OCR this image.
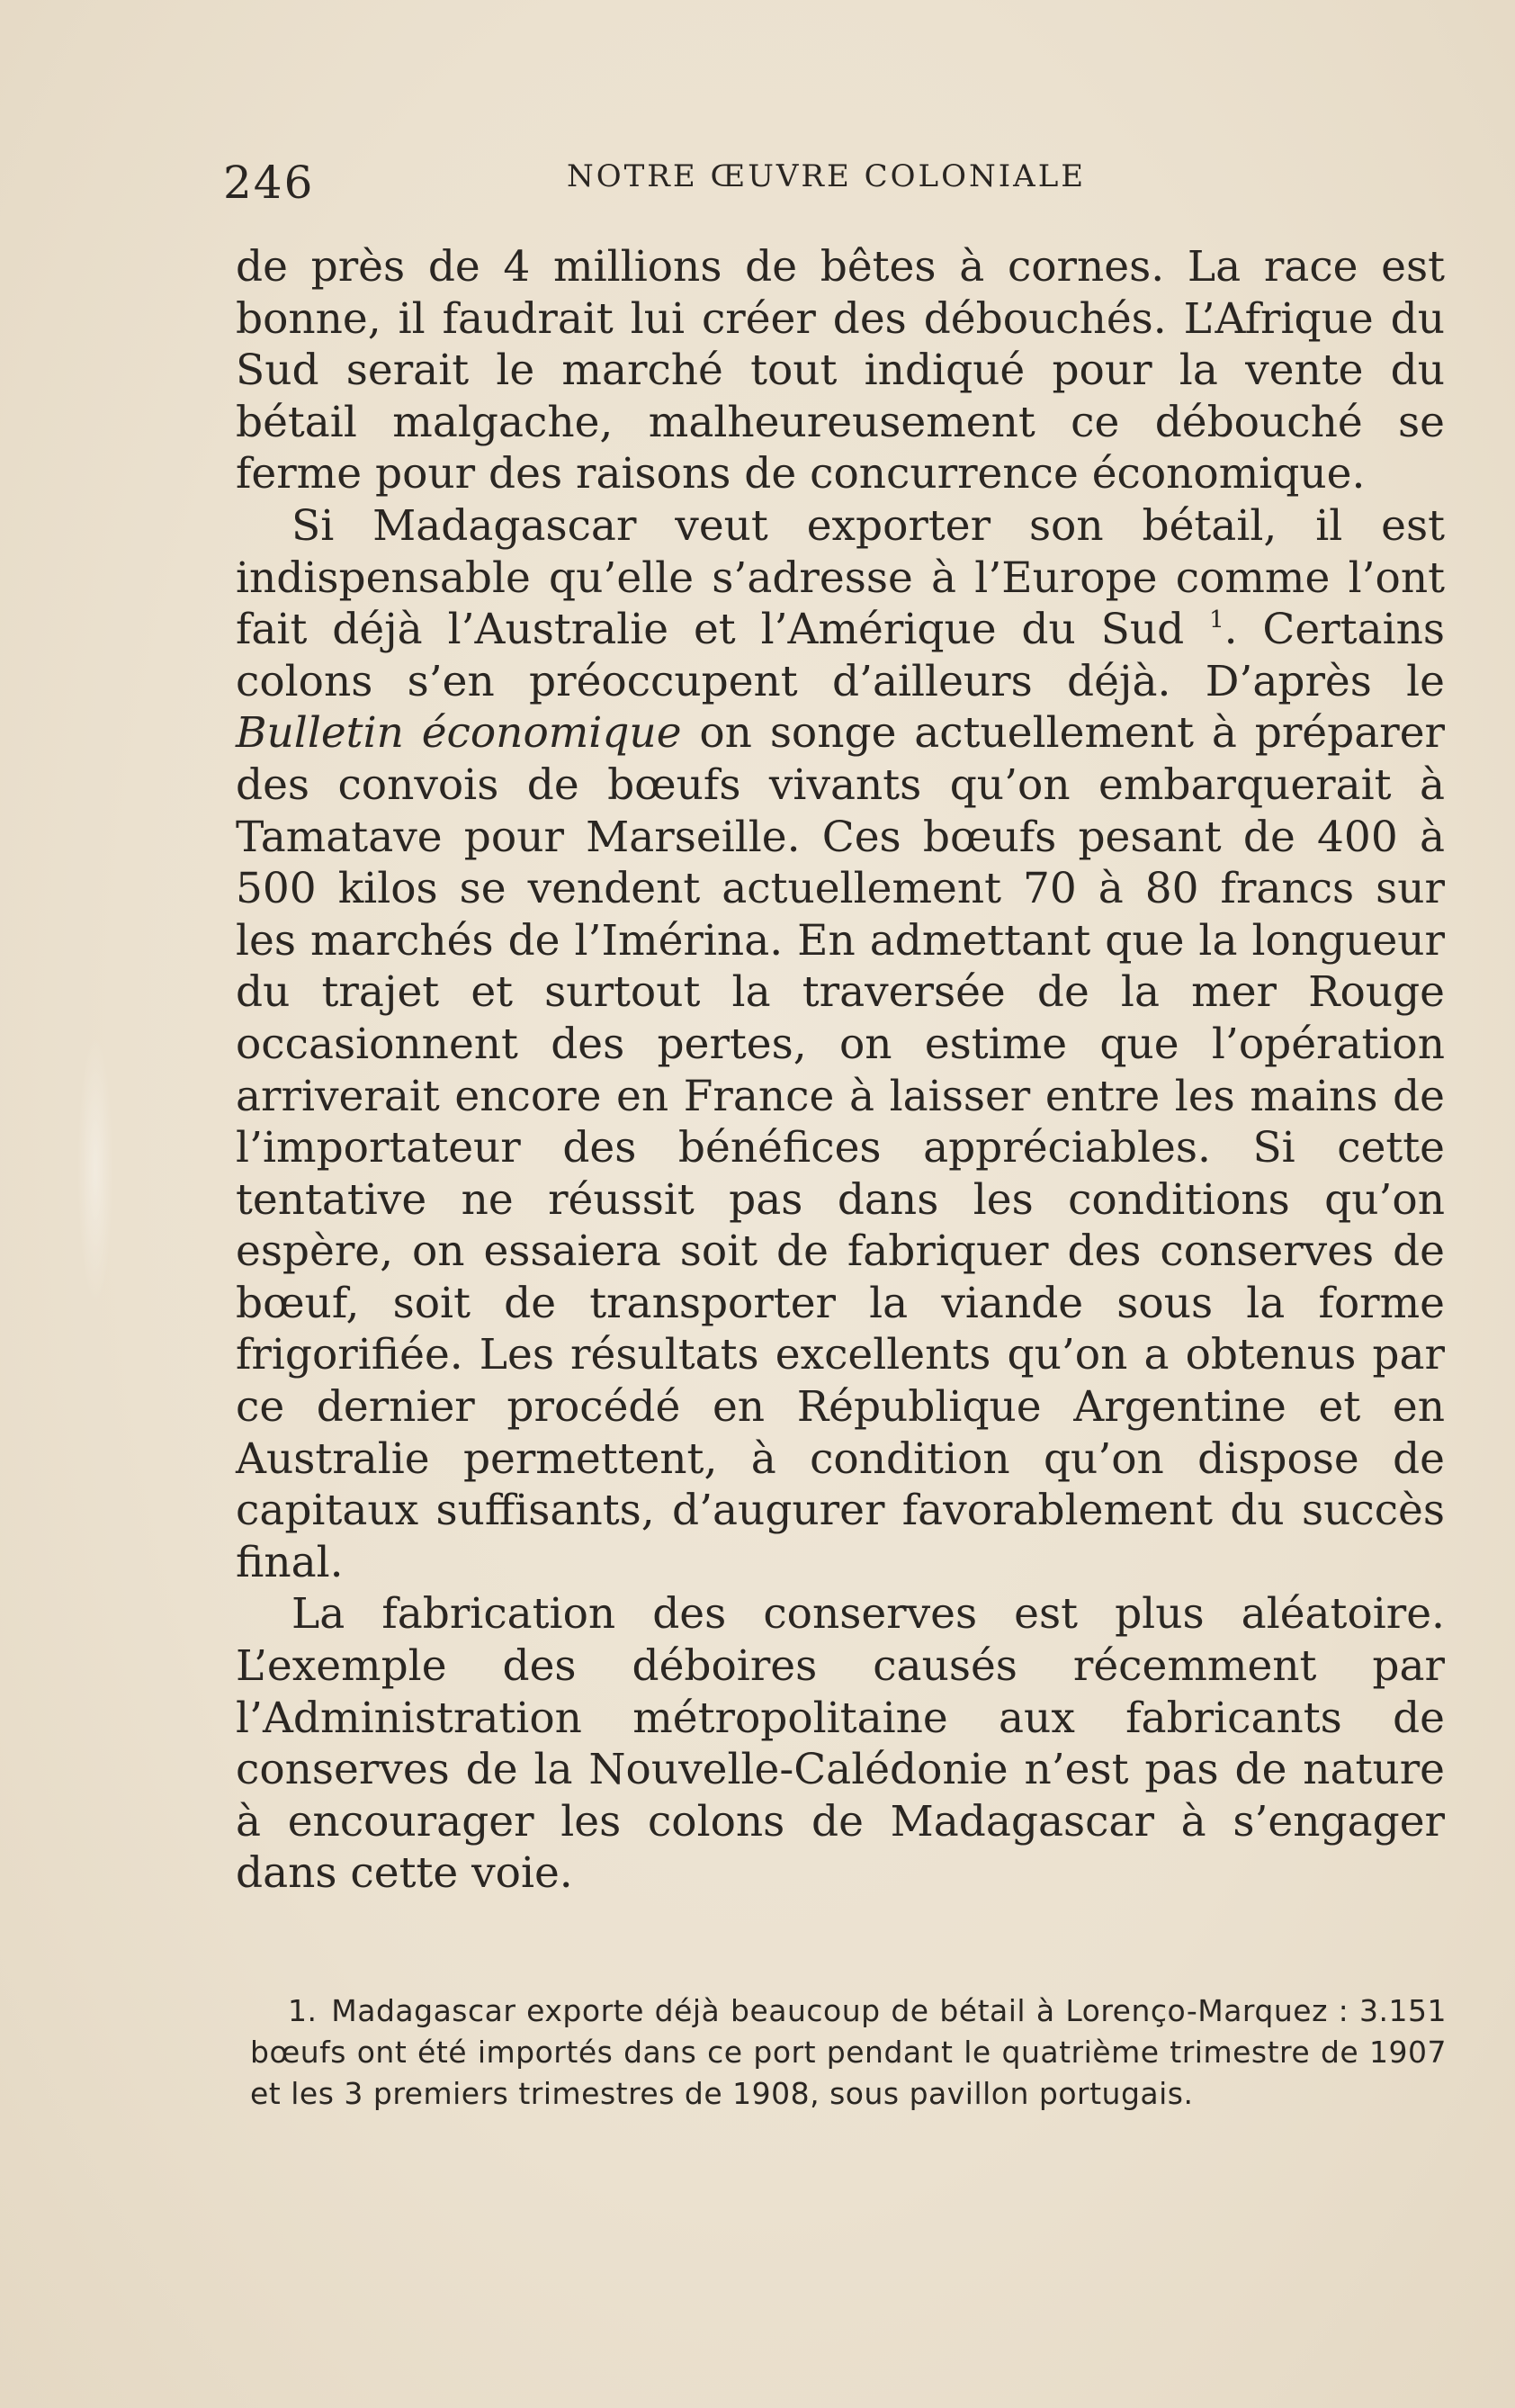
246	NOTRE ŒUVRE COLONIALE

de près de 4 millions de bêtes à cornes. La race est bonne, il faudrait lui créer des débouchés. L’Afrique du Sud serait le marché tout indiqué pour la vente du bétail malgache, malheureusement ce débouché se ferme pour des raisons de concurrence économique.

Si Madagascar veut exporter son bétail, il est indispensable qu’elle s’adresse à l’Europe comme l’ont fait déjà l’Australie et l’Amérique du Sud $^1$. Certains colons s’en préoccupent d’ailleurs déjà. D’après le Bulletin économique on songe actuellement à préparer des convois de bœufs vivants qu’on embarquerait à Tamatave pour Marseille. Ces bœufs pesant de 400 à 500 kilos se vendent actuellement 70 à 80 francs sur les marchés de l’Imérina. En admettant que la longueur du trajet et surtout la traversée de la mer Rouge occasionnent des pertes, on estime que l’opération arriverait encore en France à laisser entre les mains de l’importateur des bénéfices appréciables. Si cette tentative ne réussit pas dans les conditions qu’on espère, on essaiera soit de fabriquer des conserves de bœuf, soit de transporter la viande sous la forme frigorifiée. Les résultats excellents qu’on a obtenus par ce dernier procédé en République Argentine et en Australie permettent, à condition qu’on dispose de capitaux suffisants, d’augurer favorablement du succès final.

La fabrication des conserves est plus aléatoire. L’exemple des déboires causés récemment par l’Administration métropolitaine aux fabricants de conserves de la Nouvelle-Calédonie n’est pas de nature à encourager les colons de Madagascar à s’engager dans cette voie.

1. Madagascar exporte déjà beaucoup de bétail à Lorenço-Marquez : 3.151 bœufs ont été importés dans ce port pendant le quatrième trimestre de 1907 et les 3 premiers trimestres de 1908, sous pavillon portugais.
